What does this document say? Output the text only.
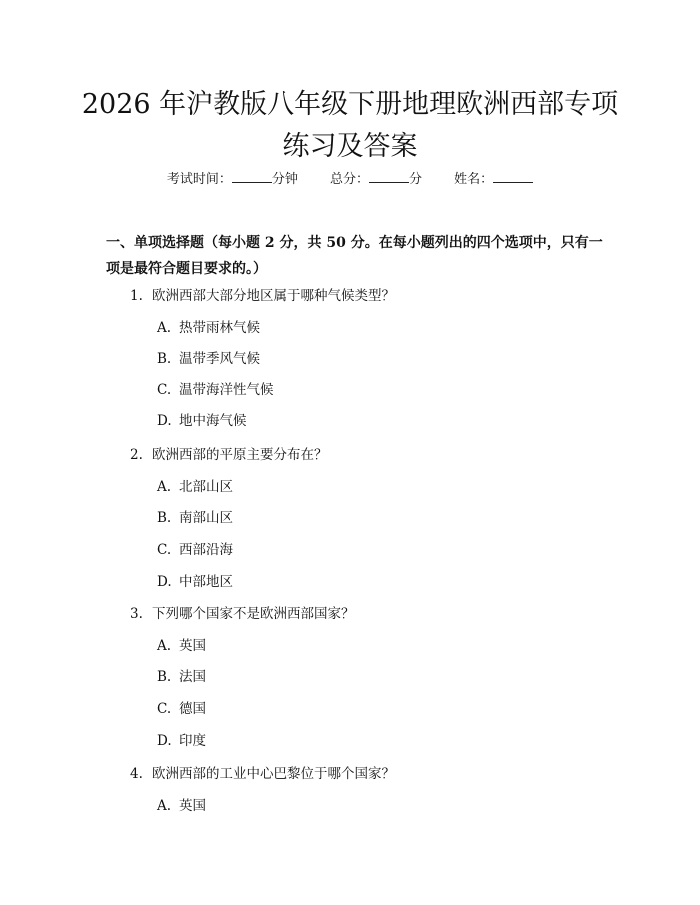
2026 年沪教版八年级下册地理欧洲西部专项练习及答案
考试时间：	分钟 总分：	分 姓名：
一、单项选择题（每小题 2 分，共 50 分。在每小题列出的四个选项中，只有一项是最符合题目要求的。）
1. 欧洲西部大部分地区属于哪种气候类型？
A. 热带雨林气候
B. 温带季风气候
C. 温带海洋性气候
D. 地中海气候
2. 欧洲西部的平原主要分布在？
A. 北部山区
B. 南部山区
C. 西部沿海
D. 中部地区
3. 下列哪个国家不是欧洲西部国家？
A. 英国
B. 法国
C. 德国
D. 印度
4. 欧洲西部的工业中心巴黎位于哪个国家？
A. 英国
